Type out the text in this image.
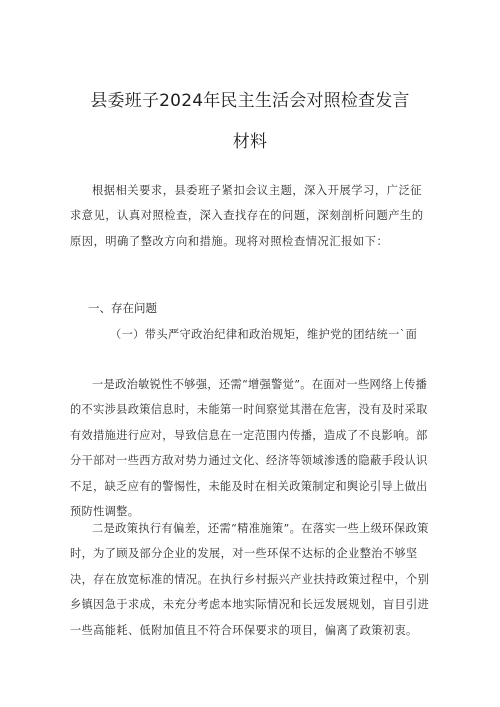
县委班子2024年民主生活会对照检查发言
材料

根据相关要求，县委班子紧扣会议主题，深入开展学习，广泛征求意见，认真对照检查，深入查找存在的问题，深刻剖析问题产生的原因，明确了整改方向和措施。现将对照检查情况汇报如下：

一、存在问题

（一）带头严守政治纪律和政治规矩，维护党的团结统一`面

一是政治敏锐性不够强，还需“增强警觉”。在面对一些网络上传播的不实涉县政策信息时，未能第一时间察觉其潜在危害，没有及时采取有效措施进行应对，导致信息在一定范围内传播，造成了不良影响。部分干部对一些西方敌对势力通过文化、经济等领域渗透的隐蔽手段认识不足，缺乏应有的警惕性，未能及时在相关政策制定和舆论引导上做出预防性调整。

二是政策执行有偏差，还需“精准施策”。在落实一些上级环保政策时，为了顾及部分企业的发展，对一些环保不达标的企业整治不够坚决，存在放宽标准的情况。在执行乡村振兴产业扶持政策过程中，个别乡镇因急于求成，未充分考虑本地实际情况和长远发展规划，盲目引进一些高能耗、低附加值且不符合环保要求的项目，偏离了政策初衷。
